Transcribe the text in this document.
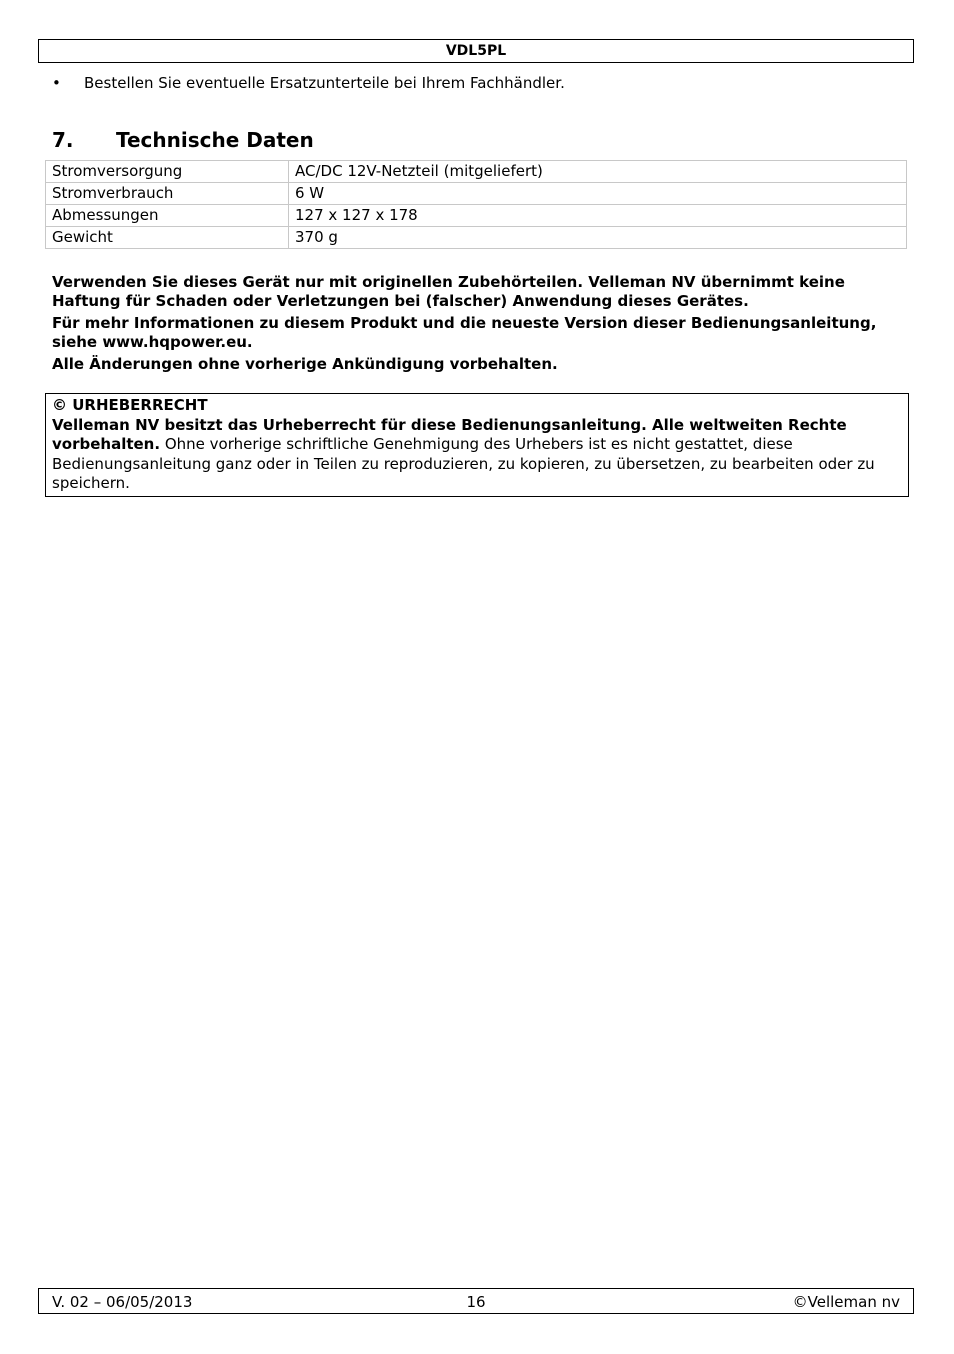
VDL5PL
• Bestellen Sie eventuelle Ersatzunterteile bei Ihrem Fachhändler.
7. Technische Daten
Stromversorgung	AC/DC 12V-Netzteil (mitgeliefert)
Stromverbrauch	6 W
Abmessungen	127 x 127 x 178
Gewicht	370 g

Verwenden Sie dieses Gerät nur mit originellen Zubehörteilen. Velleman NV übernimmt keine Haftung für Schaden oder Verletzungen bei (falscher) Anwendung dieses Gerätes.

Für mehr Informationen zu diesem Produkt und die neueste Version dieser Bedienungsanleitung, siehe www.hqpower.eu.

Alle Änderungen ohne vorherige Ankündigung vorbehalten.

© URHEBERRECHT
Velleman NV besitzt das Urheberrecht für diese Bedienungsanleitung. Alle weltweiten Rechte vorbehalten. Ohne vorherige schriftliche Genehmigung des Urhebers ist es nicht gestattet, diese Bedienungsanleitung ganz oder in Teilen zu reproduzieren, zu kopieren, zu übersetzen, zu bearbeiten oder zu speichern.
16
V. 02 – 06/05/2013	©Velleman nv
